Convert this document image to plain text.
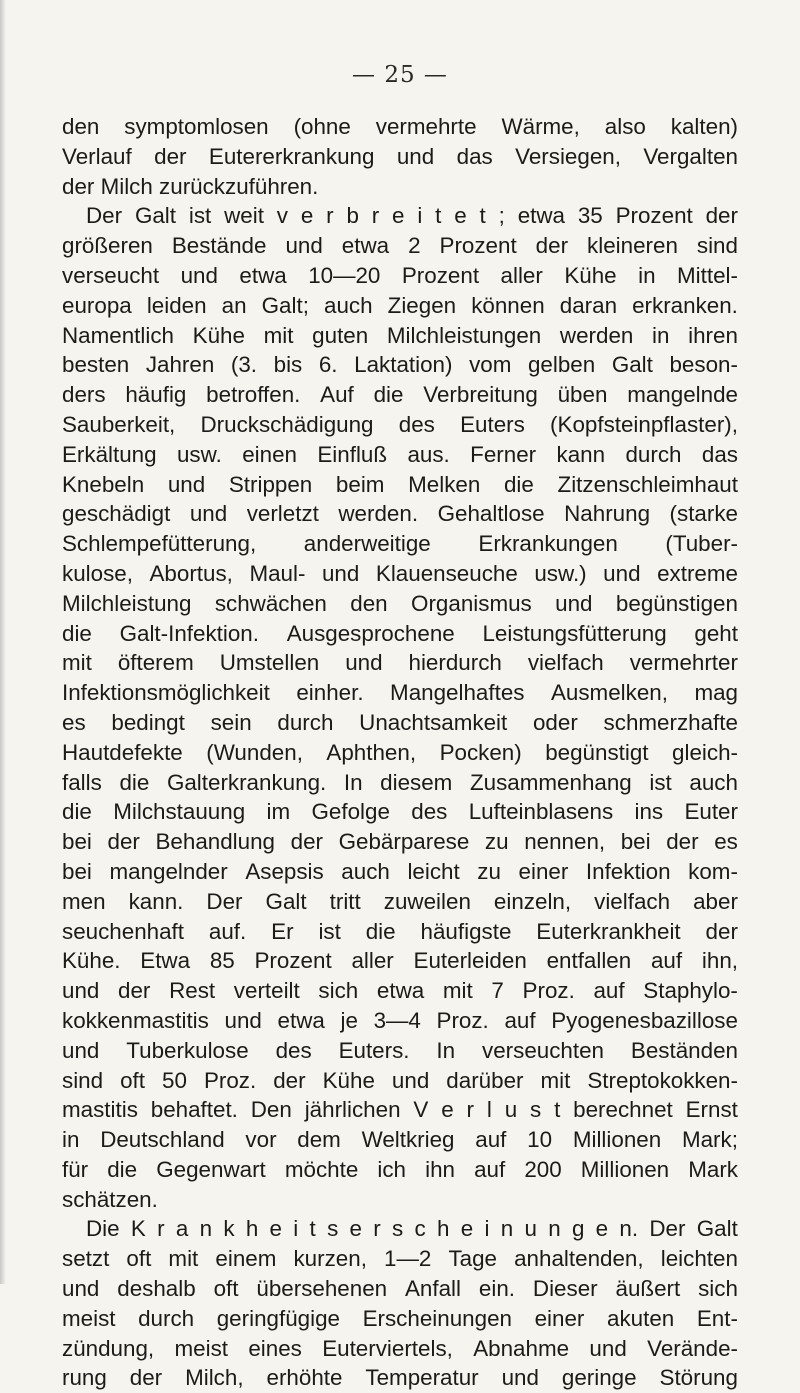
— 25 —
den symptomlosen (ohne vermehrte Wärme, also kalten)
Verlauf der Eutererkrankung und das Versiegen, Vergalten
der Milch zurückzuführen.
Der Galt ist weit v e r b r e i t e t ; etwa 35 Prozent der
größeren Bestände und etwa 2 Prozent der kleineren sind
verseucht und etwa 10—20 Prozent aller Kühe in Mittel-
europa leiden an Galt; auch Ziegen können daran erkranken.
Namentlich Kühe mit guten Milchleistungen werden in ihren
besten Jahren (3. bis 6. Laktation) vom gelben Galt beson-
ders häufig betroffen. Auf die Verbreitung üben mangelnde
Sauberkeit, Druckschädigung des Euters (Kopfsteinpflaster),
Erkältung usw. einen Einfluß aus. Ferner kann durch das
Knebeln und Strippen beim Melken die Zitzenschleimhaut
geschädigt und verletzt werden. Gehaltlose Nahrung (starke
Schlempefütterung, anderweitige Erkrankungen (Tuber-
kulose, Abortus, Maul- und Klauenseuche usw.) und extreme
Milchleistung schwächen den Organismus und begünstigen
die Galt-Infektion. Ausgesprochene Leistungsfütterung geht
mit öfterem Umstellen und hierdurch vielfach vermehrter
Infektionsmöglichkeit einher. Mangelhaftes Ausmelken, mag
es bedingt sein durch Unachtsamkeit oder schmerzhafte
Hautdefekte (Wunden, Aphthen, Pocken) begünstigt gleich-
falls die Galterkrankung. In diesem Zusammenhang ist auch
die Milchstauung im Gefolge des Lufteinblasens ins Euter
bei der Behandlung der Gebärparese zu nennen, bei der es
bei mangelnder Asepsis auch leicht zu einer Infektion kom-
men kann. Der Galt tritt zuweilen einzeln, vielfach aber
seuchenhaft auf. Er ist die häufigste Euterkrankheit der
Kühe. Etwa 85 Prozent aller Euterleiden entfallen auf ihn,
und der Rest verteilt sich etwa mit 7 Proz. auf Staphylo-
kokkenmastitis und etwa je 3—4 Proz. auf Pyogenesbazillose
und Tuberkulose des Euters. In verseuchten Beständen
sind oft 50 Proz. der Kühe und darüber mit Streptokokken-
mastitis behaftet. Den jährlichen V e r l u s t berechnet Ernst
in Deutschland vor dem Weltkrieg auf 10 Millionen Mark;
für die Gegenwart möchte ich ihn auf 200 Millionen Mark
schätzen.
Die K r a n k h e i t s e r s c h e i n u n g e n. Der Galt
setzt oft mit einem kurzen, 1—2 Tage anhaltenden, leichten
und deshalb oft übersehenen Anfall ein. Dieser äußert sich
meist durch geringfügige Erscheinungen einer akuten Ent-
zündung, meist eines Euterviertels, Abnahme und Verände-
rung der Milch, erhöhte Temperatur und geringe Störung
